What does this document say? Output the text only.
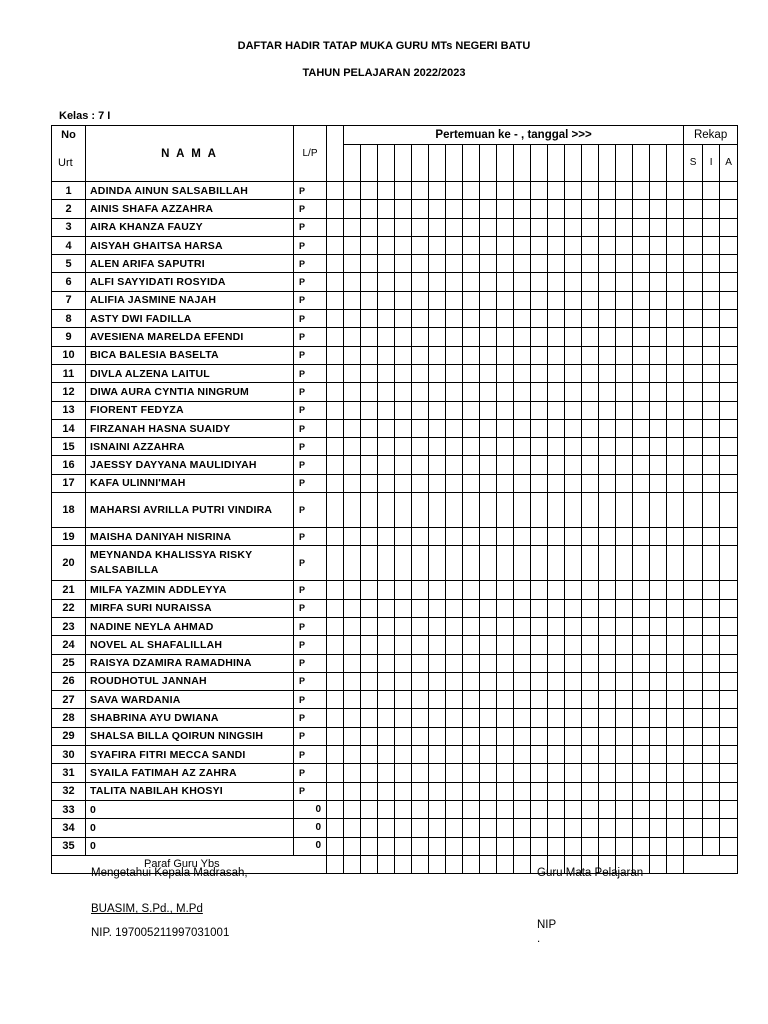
DAFTAR HADIR TATAP MUKA GURU MTs NEGERI BATU
TAHUN PELAJARAN 2022/2023
Kelas : 7 I
No	N A M A	L/P		Pertemuan ke - , tanggal >>>																				Rekap		
Urt																								S	I	A
1	ADINDA AINUN SALSABILLAH	P																								
2	AINIS SHAFA AZZAHRA	P																								
3	AIRA KHANZA FAUZY	P																								
4	AISYAH GHAITSA HARSA	P																								
5	ALEN ARIFA SAPUTRI	P																								
6	ALFI SAYYIDATI ROSYIDA	P																								
7	ALIFIA JASMINE NAJAH	P																								
8	ASTY DWI FADILLA	P																								
9	AVESIENA MARELDA EFENDI	P																								
10	BICA BALESIA BASELTA	P																								
11	DIVLA ALZENA LAITUL	P																								
12	DIWA AURA CYNTIA NINGRUM	P																								
13	FIORENT FEDYZA	P																								
14	FIRZANAH HASNA SUAIDY	P																								
15	ISNAINI AZZAHRA	P																								
16	JAESSY DAYYANA MAULIDIYAH	P																								
17	KAFA ULINNI'MAH	P																								
18	MAHARSI AVRILLA PUTRI VINDIRA	P																								
19	MAISHA DANIYAH NISRINA	P																								
20	MEYNANDA KHALISSYA RISKY SALSABILLA	P																								
21	MILFA YAZMIN ADDLEYYA	P																								
22	MIRFA SURI NURAISSA	P																								
23	NADINE NEYLA AHMAD	P																								
24	NOVEL AL SHAFALILLAH	P																								
25	RAISYA DZAMIRA RAMADHINA	P																								
26	ROUDHOTUL JANNAH	P																								
27	SAVA WARDANIA	P																								
28	SHABRINA AYU DWIANA	P																								
29	SHALSA BILLA QOIRUN NINGSIH	P																								
30	SYAFIRA FITRI MECCA SANDI	P																								
31	SYAILA FATIMAH AZ ZAHRA	P																								
32	TALITA NABILAH KHOSYI	P																								
33	0	0																								
34	0	0																								
35	0	0																								
Paraf Guru Ybs																										
Mengetahui Kepala Madrasah,
BUASIM, S.Pd., M.Pd
NIP. 197005211997031001
Guru Mata Pelajaran
NIP
.
